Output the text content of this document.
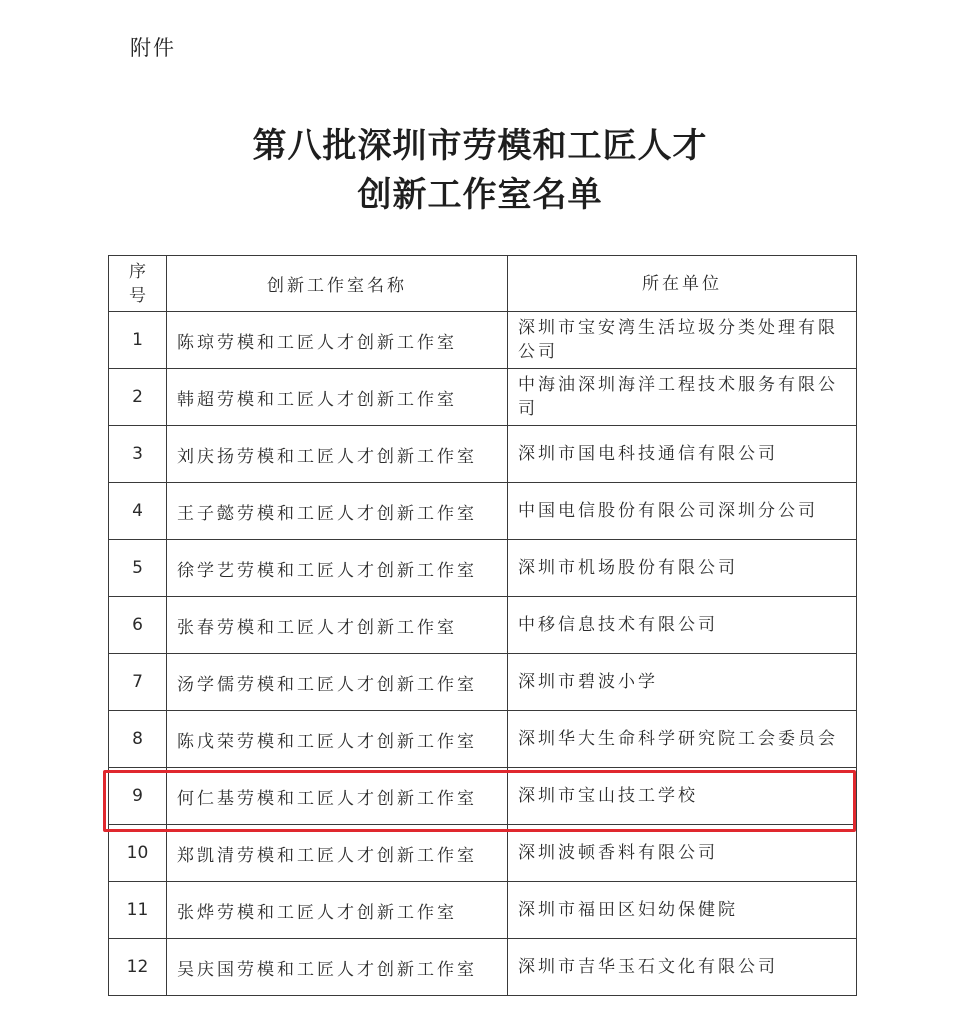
附件
第八批深圳市劳模和工匠人才
创新工作室名单
序号	创新工作室名称	所在单位
1	陈琼劳模和工匠人才创新工作室	深圳市宝安湾生活垃圾分类处理有限公司
2	韩超劳模和工匠人才创新工作室	中海油深圳海洋工程技术服务有限公司
3	刘庆扬劳模和工匠人才创新工作室	深圳市国电科技通信有限公司
4	王子懿劳模和工匠人才创新工作室	中国电信股份有限公司深圳分公司
5	徐学艺劳模和工匠人才创新工作室	深圳市机场股份有限公司
6	张春劳模和工匠人才创新工作室	中移信息技术有限公司
7	汤学儒劳模和工匠人才创新工作室	深圳市碧波小学
8	陈戊荣劳模和工匠人才创新工作室	深圳华大生命科学研究院工会委员会
9	何仁基劳模和工匠人才创新工作室	深圳市宝山技工学校
10	郑凯清劳模和工匠人才创新工作室	深圳波顿香料有限公司
11	张烨劳模和工匠人才创新工作室	深圳市福田区妇幼保健院
12	吴庆国劳模和工匠人才创新工作室	深圳市吉华玉石文化有限公司
